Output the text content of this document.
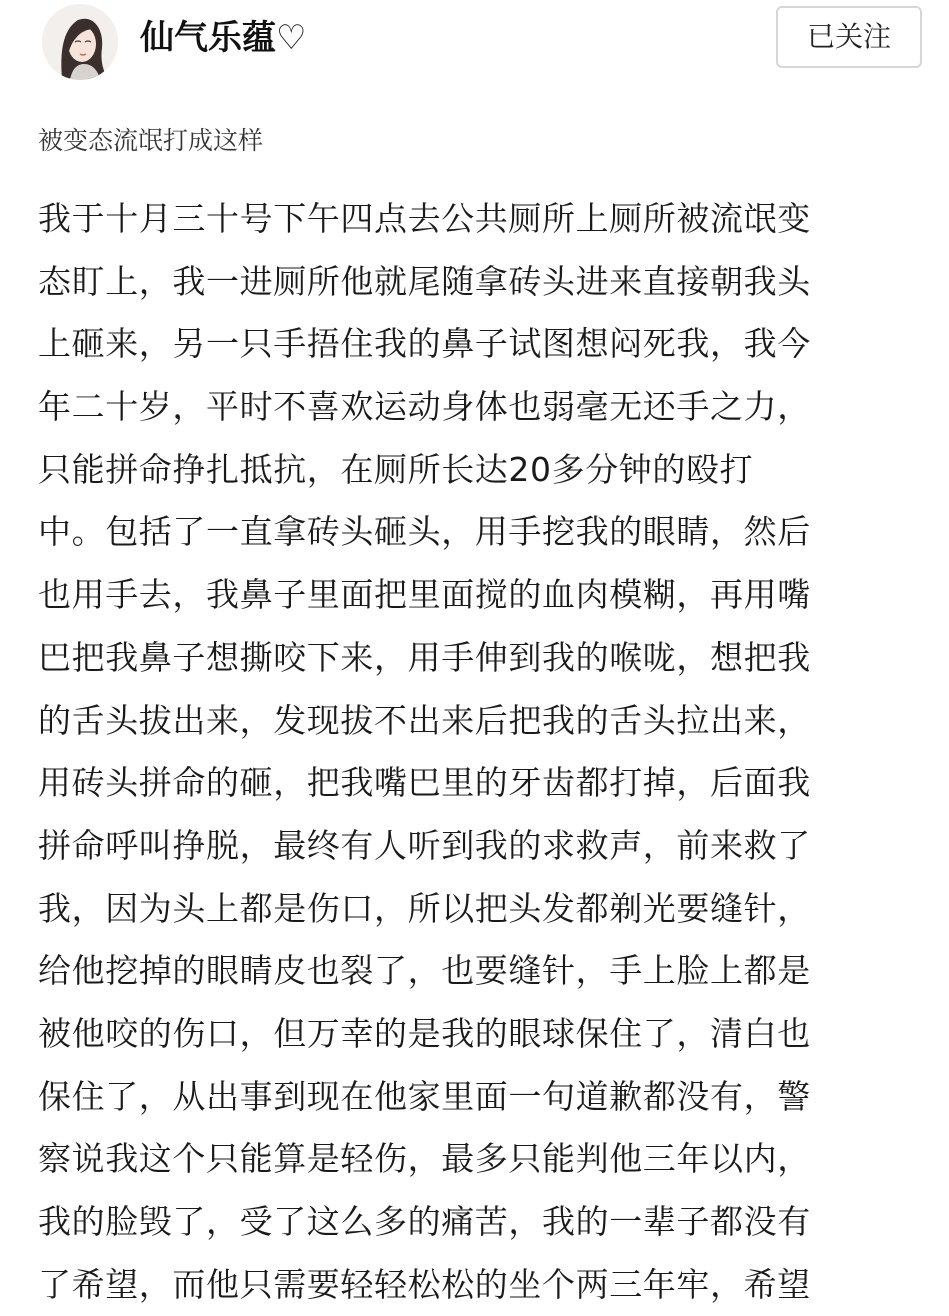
仙气乐蕴♡	已关注
被变态流氓打成这样
我于十月三十号下午四点去公共厕所上厕所被流氓变
态盯上，我一进厕所他就尾随拿砖头进来直接朝我头
上砸来，另一只手捂住我的鼻子试图想闷死我，我今
年二十岁，平时不喜欢运动身体也弱毫无还手之力，
只能拼命挣扎抵抗，在厕所长达20多分钟的殴打
中。包括了一直拿砖头砸头，用手挖我的眼睛，然后
也用手去，我鼻子里面把里面搅的血肉模糊，再用嘴
巴把我鼻子想撕咬下来，用手伸到我的喉咙，想把我
的舌头拔出来，发现拔不出来后把我的舌头拉出来，
用砖头拼命的砸，把我嘴巴里的牙齿都打掉，后面我
拼命呼叫挣脱，最终有人听到我的求救声，前来救了
我，因为头上都是伤口，所以把头发都剃光要缝针，
给他挖掉的眼睛皮也裂了，也要缝针，手上脸上都是
被他咬的伤口，但万幸的是我的眼球保住了，清白也
保住了，从出事到现在他家里面一句道歉都没有，警
察说我这个只能算是轻伤，最多只能判他三年以内，
我的脸毁了，受了这么多的痛苦，我的一辈子都没有
了希望，而他只需要轻轻松松的坐个两三年牢，希望
